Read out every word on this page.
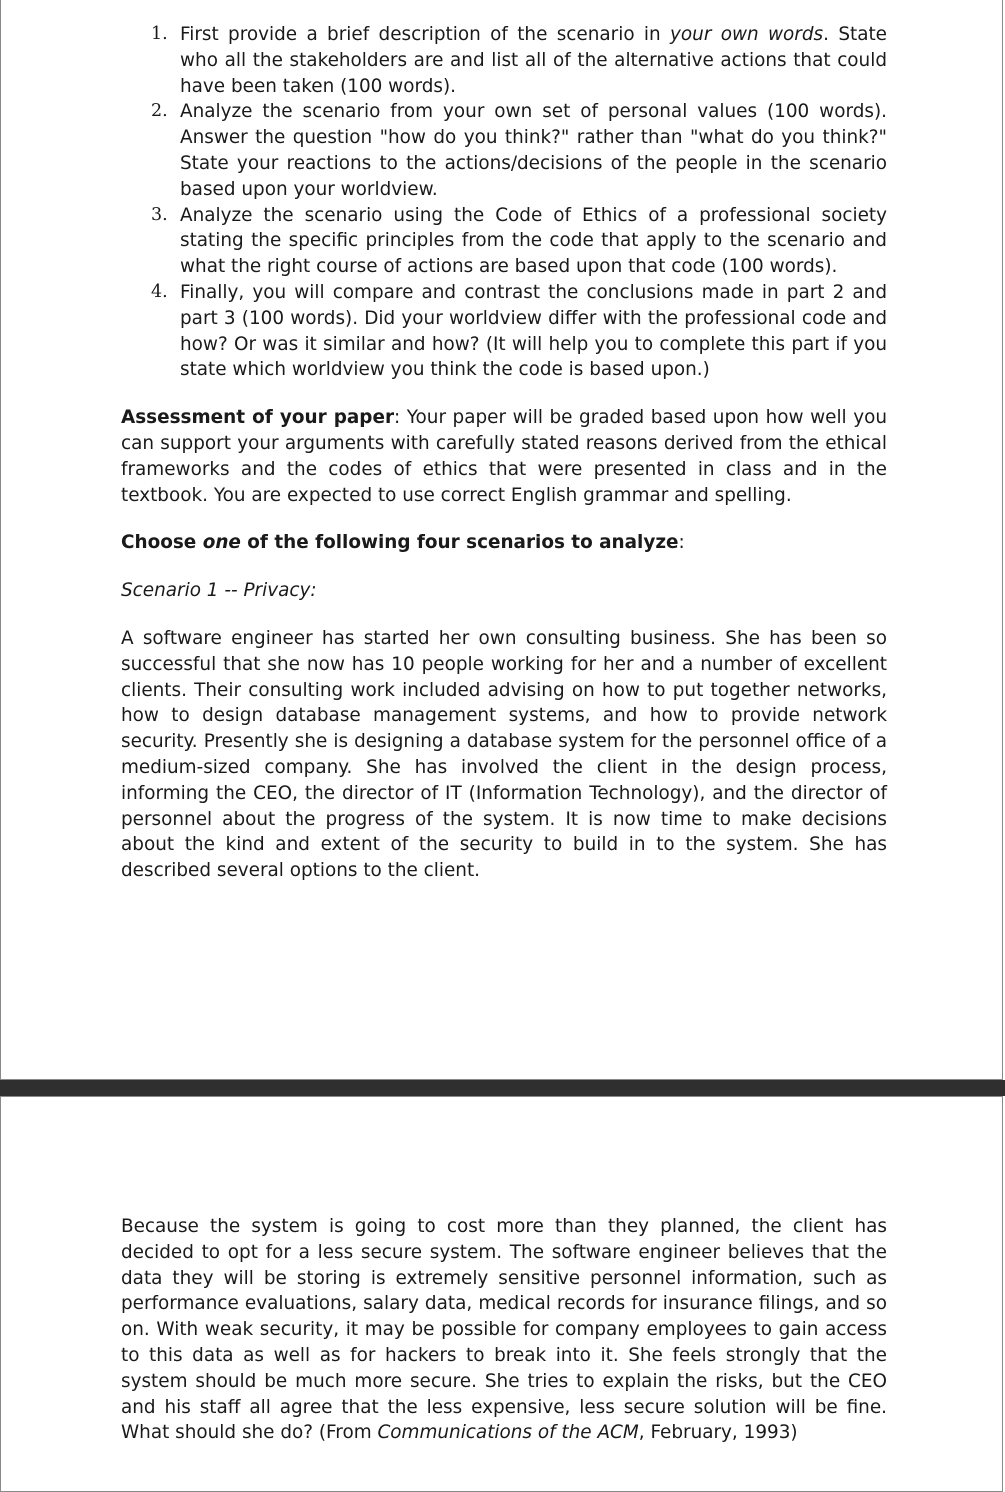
1. First provide a brief description of the scenario in your own words. State who all the stakeholders are and list all of the alternative actions that could have been taken (100 words).
2. Analyze the scenario from your own set of personal values (100 words). Answer the question "how do you think?" rather than "what do you think?" State your reactions to the actions/decisions of the people in the scenario based upon your worldview.
3. Analyze the scenario using the Code of Ethics of a professional society stating the specific principles from the code that apply to the scenario and what the right course of actions are based upon that code (100 words).
4. Finally, you will compare and contrast the conclusions made in part 2 and part 3 (100 words). Did your worldview differ with the professional code and how? Or was it similar and how? (It will help you to complete this part if you state which worldview you think the code is based upon.)

Assessment of your paper: Your paper will be graded based upon how well you can support your arguments with carefully stated reasons derived from the ethical frameworks and the codes of ethics that were presented in class and in the textbook. You are expected to use correct English grammar and spelling.

Choose one of the following four scenarios to analyze:

Scenario 1 -- Privacy:

A software engineer has started her own consulting business. She has been so successful that she now has 10 people working for her and a number of excellent clients. Their consulting work included advising on how to put together networks, how to design database management systems, and how to provide network security. Presently she is designing a database system for the personnel office of a medium-sized company. She has involved the client in the design process, informing the CEO, the director of IT (Information Technology), and the director of personnel about the progress of the system. It is now time to make decisions about the kind and extent of the security to build in to the system. She has described several options to the client.

Because the system is going to cost more than they planned, the client has decided to opt for a less secure system. The software engineer believes that the data they will be storing is extremely sensitive personnel information, such as performance evaluations, salary data, medical records for insurance filings, and so on. With weak security, it may be possible for company employees to gain access to this data as well as for hackers to break into it. She feels strongly that the system should be much more secure. She tries to explain the risks, but the CEO and his staff all agree that the less expensive, less secure solution will be fine. What should she do? (From Communications of the ACM, February, 1993)
